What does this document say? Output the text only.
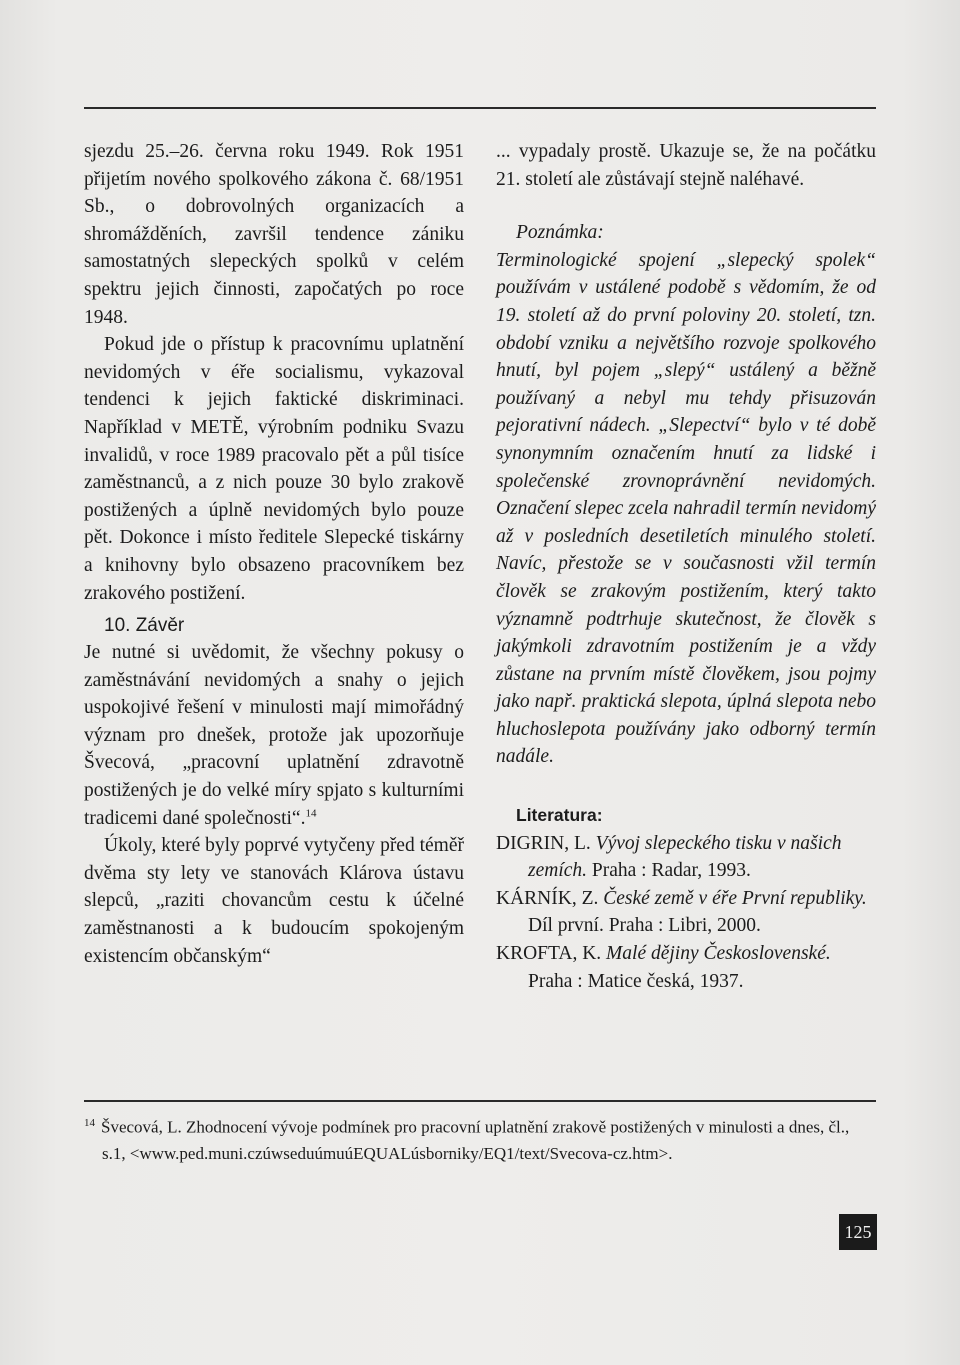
sjezdu 25.–26. června roku 1949. Rok 1951 přijetím nového spolkového zákona č. 68/1951 Sb., o dobrovolných organizacích a shromážděních, završil tendence zániku samostatných slepeckých spolků v celém spektru jejich činnosti, započatých po roce 1948.

Pokud jde o přístup k pracovnímu uplatnění nevidomých v éře socialismu, vykazoval tendenci k jejich faktické diskriminaci. Například v METĚ, výrobním podniku Svazu invalidů, v roce 1989 pracovalo pět a půl tisíce zaměstnanců, a z nich pouze 30 bylo zrakově postižených a úplně nevidomých bylo pouze pět. Dokonce i místo ředitele Slepecké tiskárny a knihovny bylo obsazeno pracovníkem bez zrakového postižení.

10. Závěr

Je nutné si uvědomit, že všechny pokusy o zaměstnávání nevidomých a snahy o jejich uspokojivé řešení v minulosti mají mimořádný význam pro dnešek, protože jak upozorňuje Švecová, „pracovní uplatnění zdravotně postižených je do velké míry spjato s kulturními tradicemi dané společnosti“.$^{14}$

Úkoly, které byly poprvé vytyčeny před téměř dvěma sty lety ve stanovách Klárova ústavu slepců, „raziti chovancům cestu k účelné zaměstnanosti a k budoucím spokojeným existencím občanským“

... vypadaly prostě. Ukazuje se, že na počátku 21. století ale zůstávají stejně naléhavé.

Poznámka:

Terminologické spojení „slepecký spolek“ používám v ustálené podobě s vědomím, že od 19. století až do první poloviny 20. století, tzn. období vzniku a největšího rozvoje spolkového hnutí, byl pojem „slepý“ ustálený a běžně používaný a nebyl mu tehdy přisuzován pejorativní nádech. „Slepectví“ bylo v té době synonymním označením hnutí za lidské i společenské zrovnoprávnění nevidomých. Označení slepec zcela nahradil termín nevidomý až v posledních desetiletích minulého století. Navíc, přestože se v současnosti vžil termín člověk se zrakovým postižením, který takto významně podtrhuje skutečnost, že člověk s jakýmkoli zdravotním postižením je a vždy zůstane na prvním místě člověkem, jsou pojmy jako např. praktická slepota, úplná slepota nebo hluchoslepota používány jako odborný termín nadále.

Literatura:

DIGRIN, L. Vývoj slepeckého tisku v našich zemích. Praha : Radar, 1993.

KÁRNÍK, Z. České země v éře První republiky. Díl první. Praha : Libri, 2000.

KROFTA, K. Malé dějiny Československé. Praha : Matice česká, 1937.

$^{14}$ Švecová, L. Zhodnocení vývoje podmínek pro pracovní uplatnění zrakově postižených v minulosti a dnes, čl., s.1, <www.ped.muni.czúwseduúmuúEQUALúsborniky/EQ1/text/Svecova-cz.htm>.

125
